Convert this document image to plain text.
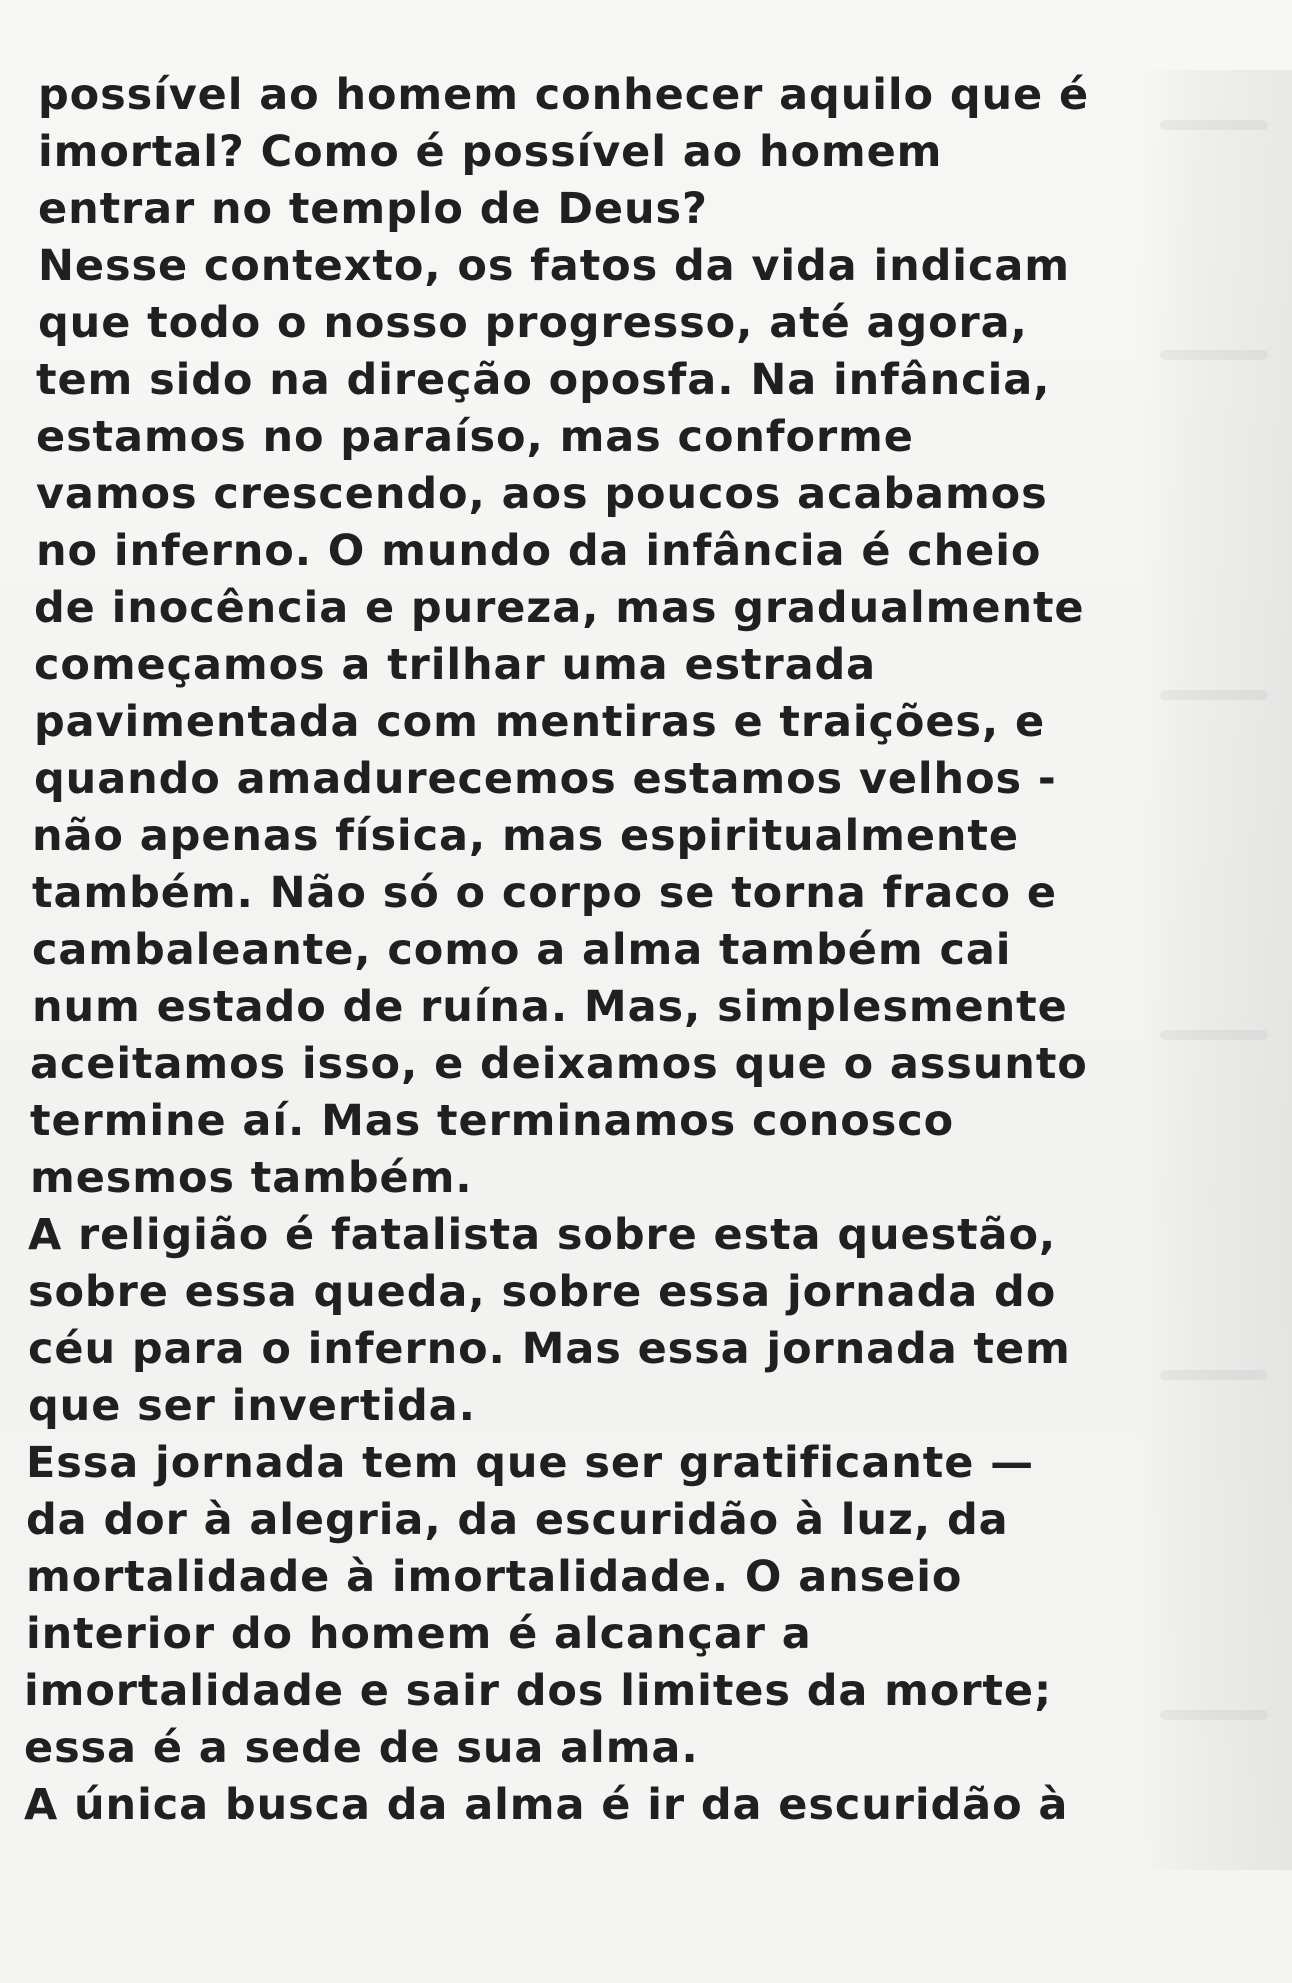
possível ao homem conhecer aquilo que é
imortal? Como é possível ao homem
entrar no templo de Deus?
Nesse contexto, os fatos da vida indicam
que todo o nosso progresso, até agora,
tem sido na direção oposfa. Na infância,
estamos no paraíso, mas conforme
vamos crescendo, aos poucos acabamos
no inferno. O mundo da infância é cheio
de inocência e pureza, mas gradualmente
começamos a trilhar uma estrada
pavimentada com mentiras e traições, e
quando amadurecemos estamos velhos -
não apenas física, mas espiritualmente
também. Não só o corpo se torna fraco e
cambaleante, como a alma também cai
num estado de ruína. Mas, simplesmente
aceitamos isso, e deixamos que o assunto
termine aí. Mas terminamos conosco
mesmos também.
A religião é fatalista sobre esta questão,
sobre essa queda, sobre essa jornada do
céu para o inferno. Mas essa jornada tem
que ser invertida.
Essa jornada tem que ser gratificante —
da dor à alegria, da escuridão à luz, da
mortalidade à imortalidade. O anseio
interior do homem é alcançar a
imortalidade e sair dos limites da morte;
essa é a sede de sua alma.
A única busca da alma é ir da escuridão à
